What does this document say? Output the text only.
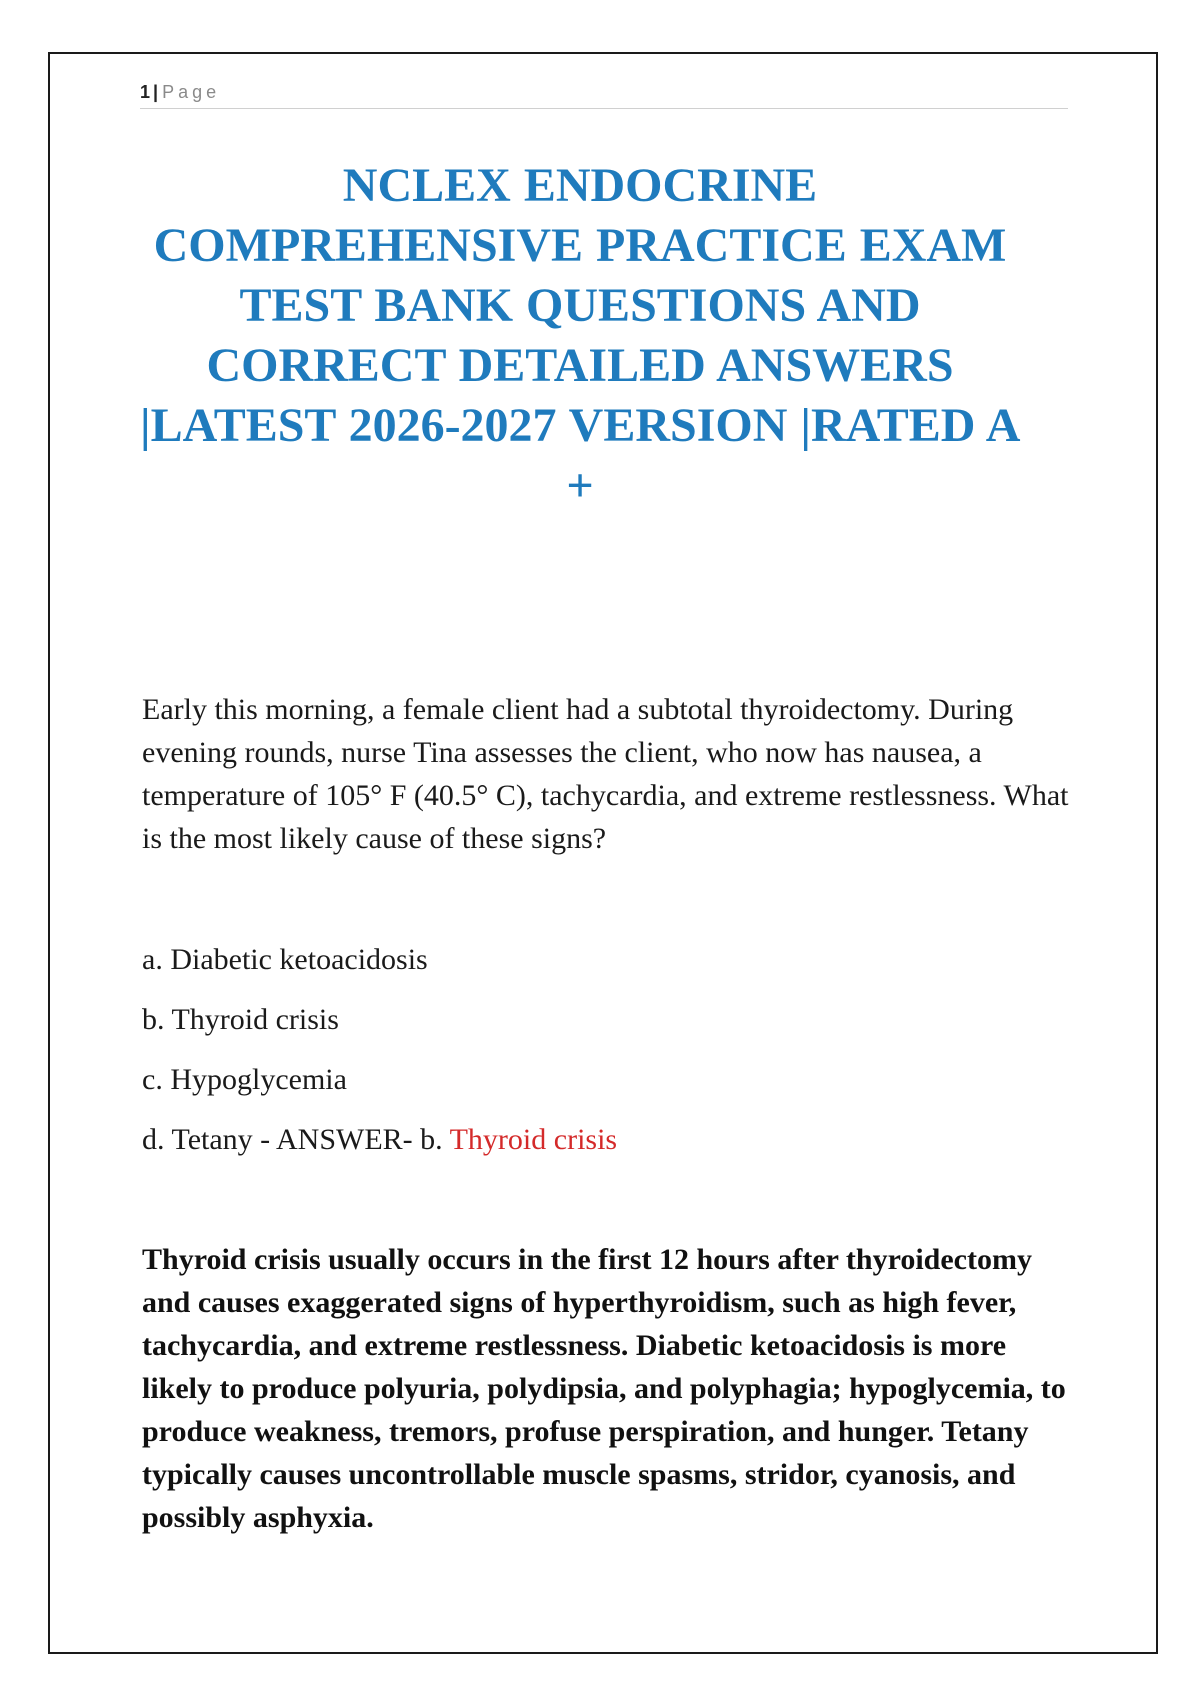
1 | Page
NCLEX ENDOCRINE
COMPREHENSIVE PRACTICE EXAM
TEST BANK QUESTIONS AND
CORRECT DETAILED ANSWERS
|LATEST 2026-2027 VERSION |RATED A
+

Early this morning, a female client had a subtotal thyroidectomy. During evening rounds, nurse Tina assesses the client, who now has nausea, a temperature of 105° F (40.5° C), tachycardia, and extreme restlessness. What is the most likely cause of these signs?

a. Diabetic ketoacidosis
b. Thyroid crisis
c. Hypoglycemia
d. Tetany - ANSWER- b. Thyroid crisis

Thyroid crisis usually occurs in the first 12 hours after thyroidectomy and causes exaggerated signs of hyperthyroidism, such as high fever, tachycardia, and extreme restlessness. Diabetic ketoacidosis is more likely to produce polyuria, polydipsia, and polyphagia; hypoglycemia, to produce weakness, tremors, profuse perspiration, and hunger. Tetany typically causes uncontrollable muscle spasms, stridor, cyanosis, and possibly asphyxia.
